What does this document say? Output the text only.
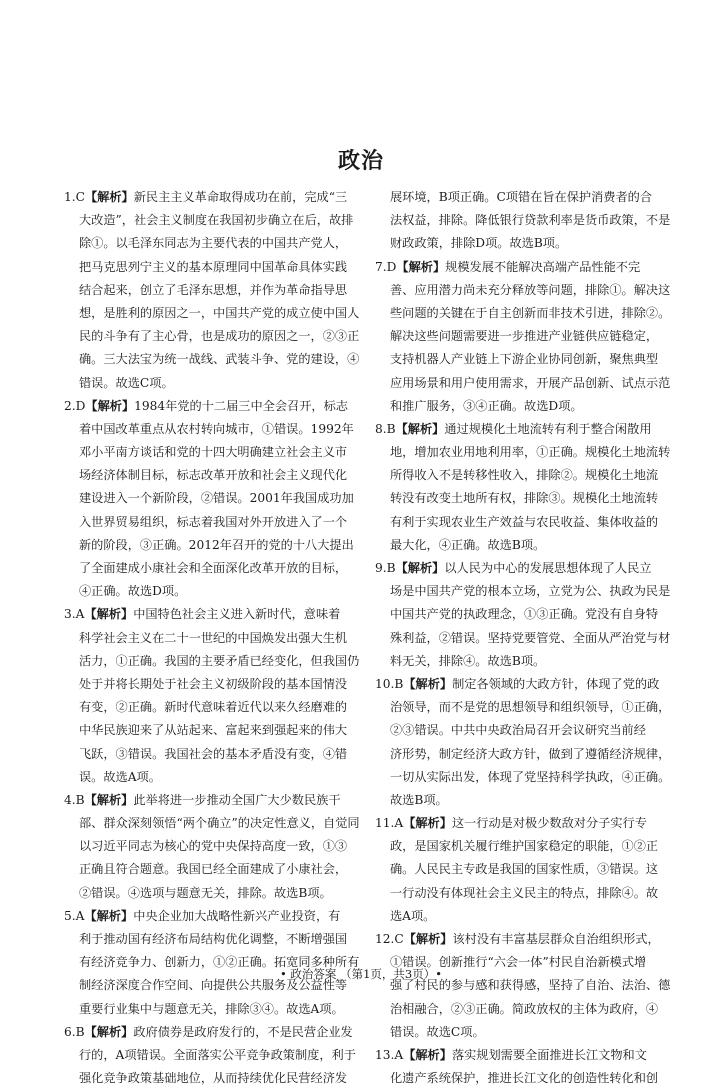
政治
1.C【解析】新民主主义革命取得成功在前，完成“三
大改造”，社会主义制度在我国初步确立在后，故排
除①。以毛泽东同志为主要代表的中国共产党人，
把马克思列宁主义的基本原理同中国革命具体实践
结合起来，创立了毛泽东思想，并作为革命指导思
想，是胜利的原因之一，中国共产党的成立使中国人
民的斗争有了主心骨，也是成功的原因之一，②③正
确。三大法宝为统一战线、武装斗争、党的建设，④
错误。故选C项。
2.D【解析】1984年党的十二届三中全会召开，标志
着中国改革重点从农村转向城市，①错误。1992年
邓小平南方谈话和党的十四大明确建立社会主义市
场经济体制目标，标志改革开放和社会主义现代化
建设进入一个新阶段，②错误。2001年我国成功加
入世界贸易组织，标志着我国对外开放进入了一个
新的阶段，③正确。2012年召开的党的十八大提出
了全面建成小康社会和全面深化改革开放的目标，
④正确。故选D项。
3.A【解析】中国特色社会主义进入新时代，意味着
科学社会主义在二十一世纪的中国焕发出强大生机
活力，①正确。我国的主要矛盾已经变化，但我国仍
处于并将长期处于社会主义初级阶段的基本国情没
有变，②正确。新时代意味着近代以来久经磨难的
中华民族迎来了从站起来、富起来到强起来的伟大
飞跃，③错误。我国社会的基本矛盾没有变，④错
误。故选A项。
4.B【解析】此举将进一步推动全国广大少数民族干
部、群众深刻领悟“两个确立”的决定性意义，自觉同
以习近平同志为核心的党中央保持高度一致，①③
正确且符合题意。我国已经全面建成了小康社会，
②错误。④选项与题意无关，排除。故选B项。
5.A【解析】中央企业加大战略性新兴产业投资，有
利于推动国有经济布局结构优化调整，不断增强国
有经济竞争力、创新力，①②正确。拓宽同多种所有
制经济深度合作空间、向提供公共服务及公益性等
重要行业集中与题意无关，排除③④。故选A项。
6.B【解析】政府债券是政府发行的，不是民营企业发
行的，A项错误。全面落实公平竞争政策制度，利于
强化竞争政策基础地位，从而持续优化民营经济发
展环境，B项正确。C项错在旨在保护消费者的合
法权益，排除。降低银行贷款利率是货币政策，不是
财政政策，排除D项。故选B项。
7.D【解析】规模发展不能解决高端产品性能不完
善、应用潜力尚未充分释放等问题，排除①。解决这
些问题的关键在于自主创新而非技术引进，排除②。
解决这些问题需要进一步推进产业链供应链稳定，
支持机器人产业链上下游企业协同创新，聚焦典型
应用场景和用户使用需求，开展产品创新、试点示范
和推广服务，③④正确。故选D项。
8.B【解析】通过规模化土地流转有利于整合闲散用
地，增加农业用地利用率，①正确。规模化土地流转
所得收入不是转移性收入，排除②。规模化土地流
转没有改变土地所有权，排除③。规模化土地流转
有利于实现农业生产效益与农民收益、集体收益的
最大化，④正确。故选B项。
9.B【解析】以人民为中心的发展思想体现了人民立
场是中国共产党的根本立场，立党为公、执政为民是
中国共产党的执政理念，①③正确。党没有自身特
殊利益，②错误。坚持党要管党、全面从严治党与材
料无关，排除④。故选B项。
10.B【解析】制定各领域的大政方针，体现了党的政
治领导，而不是党的思想领导和组织领导，①正确，
②③错误。中共中央政治局召开会议研究当前经
济形势，制定经济大政方针，做到了遵循经济规律，
一切从实际出发，体现了党坚持科学执政，④正确。
故选B项。
11.A【解析】这一行动是对极少数敌对分子实行专
政，是国家机关履行维护国家稳定的职能，①②正
确。人民民主专政是我国的国家性质，③错误。这
一行动没有体现社会主义民主的特点，排除④。故
选A项。
12.C【解析】该村没有丰富基层群众自治组织形式，
①错误。创新推行“六会一体”村民自治新模式增
强了村民的参与感和获得感，坚持了自治、法治、德
治相融合，②③正确。简政放权的主体为政府，④
错误。故选C项。
13.A【解析】落实规划需要全面推进长江文物和文
化遗产系统保护，推进长江文化的创造性转化和创
• 政治答案 （第1页，共3页）•
